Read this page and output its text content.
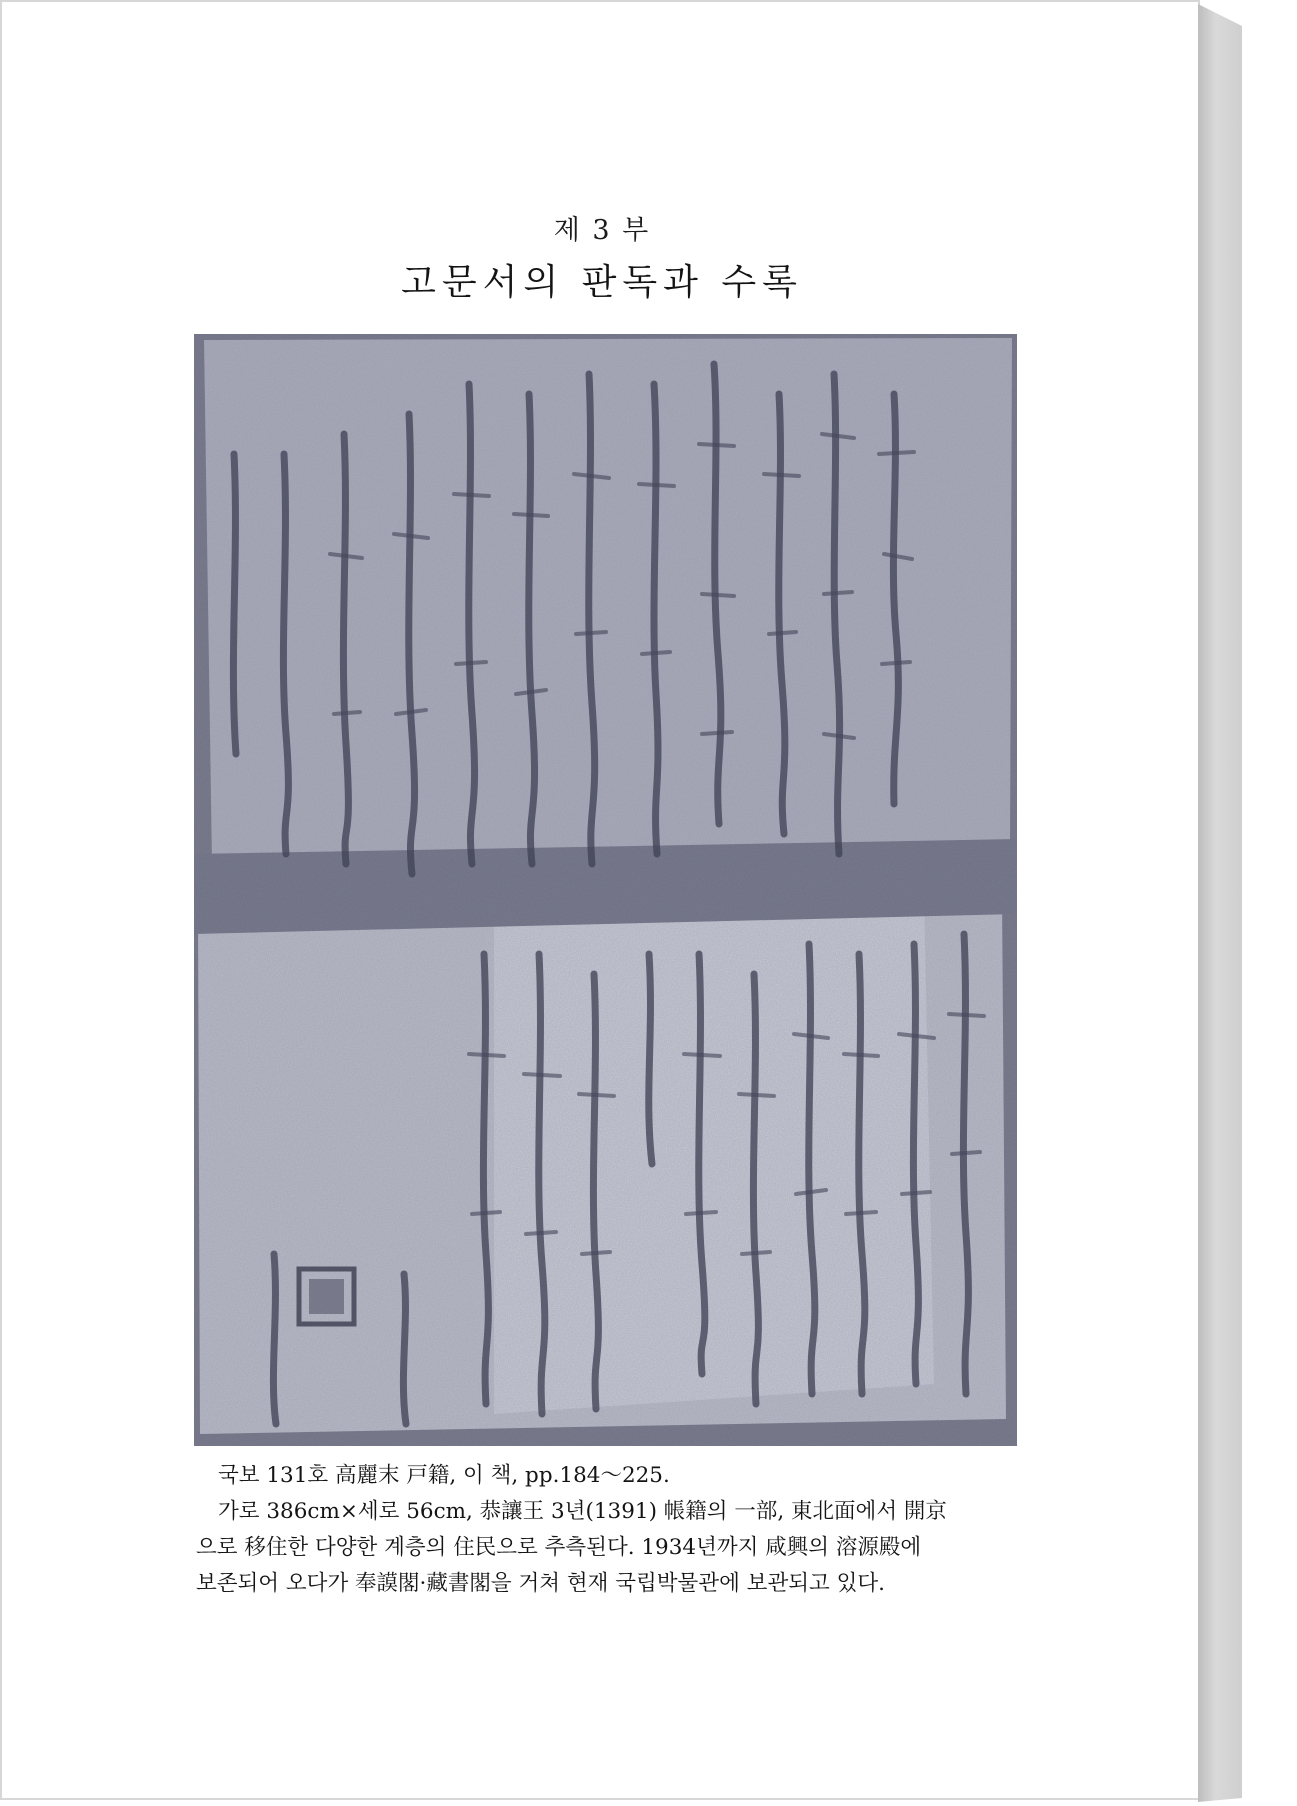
제 3 부
고문서의 판독과 수록

국보 131호 高麗末 戸籍, 이 책, pp.184～225.

가로 386cm×세로 56cm, 恭讓王 3년(1391) 帳籍의 一部, 東北面에서 開京

으로 移住한 다양한 계층의 住民으로 추측된다. 1934년까지 咸興의 溶源殿에

보존되어 오다가 奉謨閣·藏書閣을 거쳐 현재 국립박물관에 보관되고 있다.
